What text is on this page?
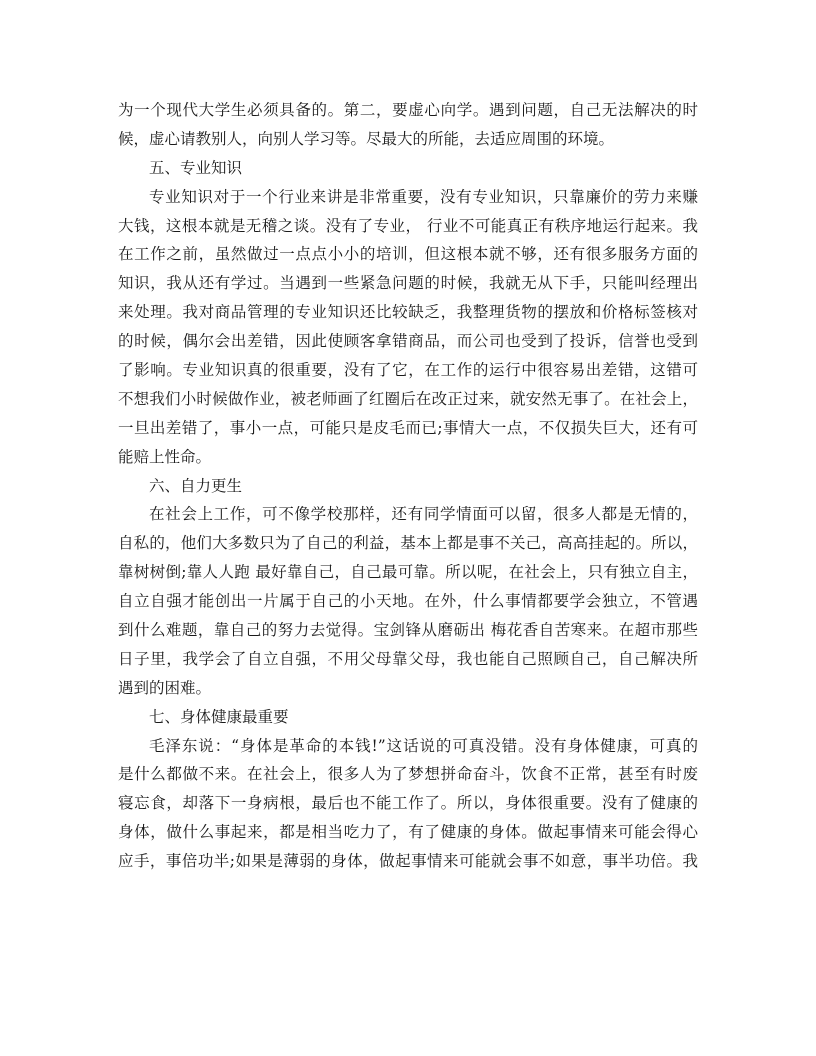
为一个现代大学生必须具备的。第二，要虚心向学。遇到问题，自己无法解决的时
候，虚心请教别人，向别人学习等。尽最大的所能，去适应周围的环境。
五、专业知识
专业知识对于一个行业来讲是非常重要，没有专业知识，只靠廉价的劳力来赚
大钱，这根本就是无稽之谈。没有了专业， 行业不可能真正有秩序地运行起来。我
在工作之前，虽然做过一点点小小的培训，但这根本就不够，还有很多服务方面的
知识，我从还有学过。当遇到一些紧急问题的时候，我就无从下手，只能叫经理出
来处理。我对商品管理的专业知识还比较缺乏，我整理货物的摆放和价格标签核对
的时候，偶尔会出差错，因此使顾客拿错商品，而公司也受到了投诉，信誉也受到
了影响。专业知识真的很重要，没有了它，在工作的运行中很容易出差错，这错可
不想我们小时候做作业，被老师画了红圈后在改正过来，就安然无事了。在社会上，
一旦出差错了，事小一点，可能只是皮毛而已;事情大一点，不仅损失巨大，还有可
能赔上性命。
六、自力更生
在社会上工作，可不像学校那样，还有同学情面可以留，很多人都是无情的，
自私的，他们大多数只为了自己的利益，基本上都是事不关己，高高挂起的。所以，
靠树树倒;靠人人跑 最好靠自己，自己最可靠。所以呢，在社会上，只有独立自主，
自立自强才能创出一片属于自己的小天地。在外，什么事情都要学会独立，不管遇
到什么难题，靠自己的努力去觉得。宝剑锋从磨砺出 梅花香自苦寒来。在超市那些
日子里，我学会了自立自强，不用父母靠父母，我也能自己照顾自己，自己解决所
遇到的困难。
七、身体健康最重要
毛泽东说：“身体是革命的本钱!”这话说的可真没错。没有身体健康，可真的
是什么都做不来。在社会上，很多人为了梦想拼命奋斗，饮食不正常，甚至有时废
寝忘食，却落下一身病根，最后也不能工作了。所以，身体很重要。没有了健康的
身体，做什么事起来，都是相当吃力了，有了健康的身体。做起事情来可能会得心
应手，事倍功半;如果是薄弱的身体，做起事情来可能就会事不如意，事半功倍。我
